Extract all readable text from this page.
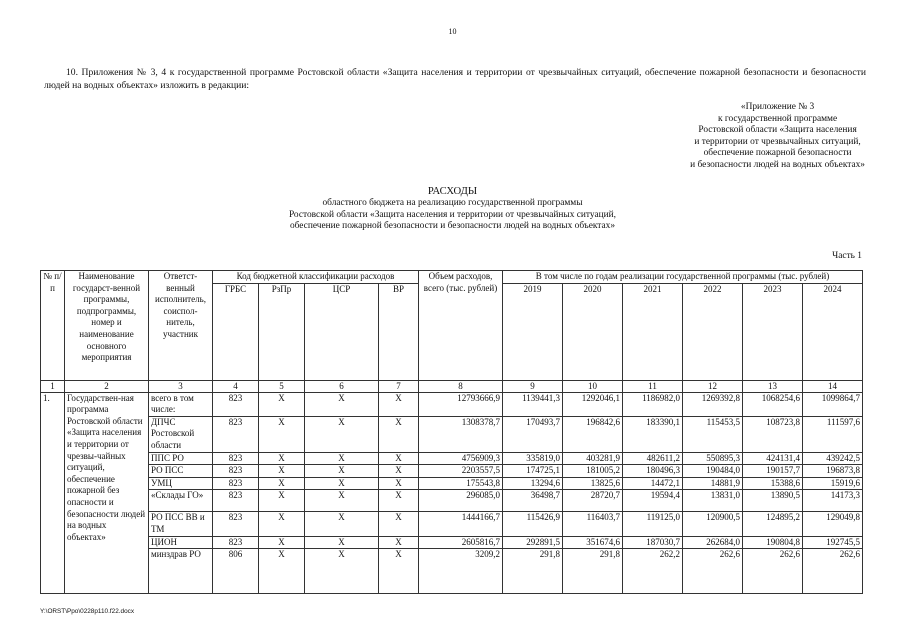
10
10. Приложения № 3, 4 к государственной программе Ростовской области «Защита населения и территории от чрезвычайных ситуаций, обеспечение пожарной безопасности и безопасности людей на водных объектах» изложить в редакции:
«Приложение № 3
к государственной программе
Ростовской области «Защита населения
и территории от чрезвычайных ситуаций,
обеспечение пожарной безопасности
и безопасности людей на водных объектах»
РАСХОДЫ
областного бюджета на реализацию государственной программы
Ростовской области «Защита населения и территории от чрезвычайных ситуаций,
обеспечение пожарной безопасности и безопасности людей на водных объектах»
Часть 1
№ п/п	Наименование государст-венной программы, подпрограммы, номер и наименование основного мероприятия	Ответст-венный исполнитель, соиспол-нитель, участник	Код бюджетной классификации расходов				Объем расходов, всего (тыс. рублей)	В том числе по годам реализации государственной программы (тыс. рублей)					
			ГРБС	РзПр	ЦСР	ВР		2019	2020	2021	2022	2023	2024
1	2	3	4	5	6	7	8	9	10	11	12	13	14
1.	Государствен-ная программа Ростовской области «Защита населения и территории от чрезвы-чайных ситуаций, обеспечение пожарной без опасности и безопасности людей на водных объектах»	всего в том числе:	823	X	X	X	12793666,9	1139441,3	1292046,1	1186982,0	1269392,8	1068254,6	1099864,7
		ДПЧС Ростовской области	823	X	X	X	1308378,7	170493,7	196842,6	183390,1	115453,5	108723,8	111597,6
		ППС РО	823	X	X	X	4756909,3	335819,0	403281,9	482611,2	550895,3	424131,4	439242,5
		РО ПСС	823	X	X	X	2203557,5	174725,1	181005,2	180496,3	190484,0	190157,7	196873,8
		УМЦ	823	X	X	X	175543,8	13294,6	13825,6	14472,1	14881,9	15388,6	15919,6
		«Склады ГО»	823	X	X	X	296085,0	36498,7	28720,7	19594,4	13831,0	13890,5	14173,3
		РО ПСС ВВ и ТМ	823	X	X	X	1444166,7	115426,9	116403,7	119125,0	120900,5	124895,2	129049,8
		ЦИОН	823	X	X	X	2605816,7	292891,5	351674,6	187030,7	262684,0	190804,8	192745,5
		минздрав РО	806	X	X	X	3209,2	291,8	291,8	262,2	262,6	262,6	262,6
Y:\ORST\Ppo\0228p110.f22.docx
